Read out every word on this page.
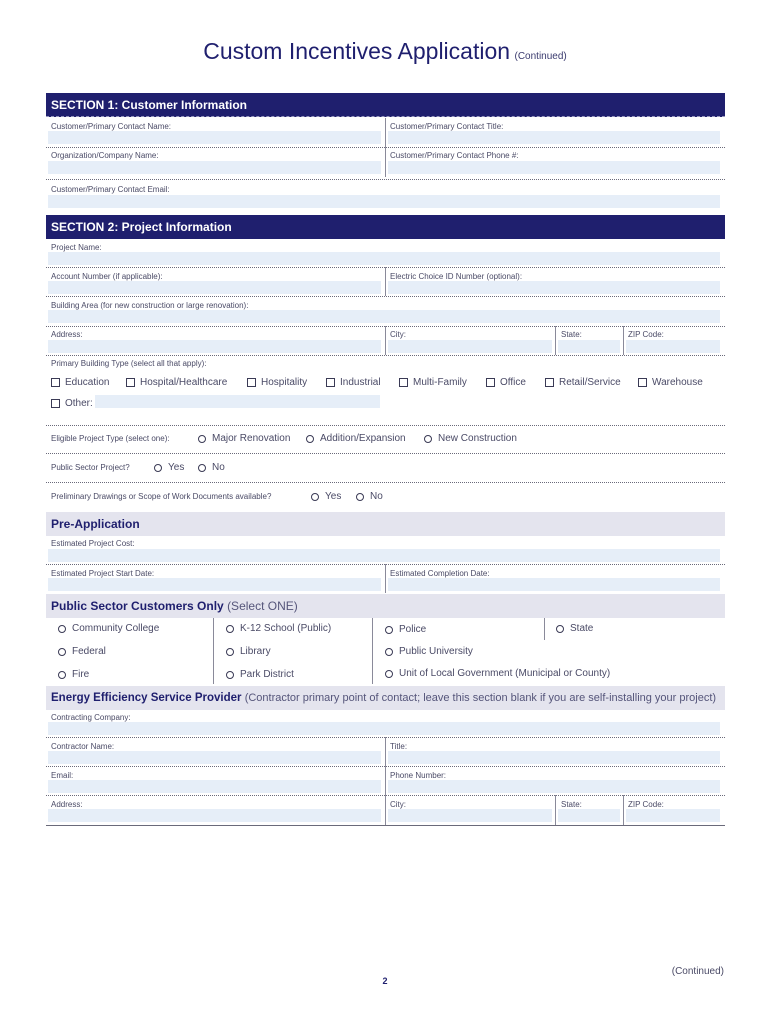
Custom Incentives Application (Continued)
SECTION 1: Customer Information
Customer/Primary Contact Name:	Customer/Primary Contact Title:
Organization/Company Name:	Customer/Primary Contact Phone #:
Customer/Primary Contact Email:
SECTION 2: Project Information
Project Name:
Account Number (if applicable):	Electric Choice ID Number (optional):
Building Area (for new construction or large renovation):
Address:	City:	State:	ZIP Code:
Primary Building Type (select all that apply):
Education	Hospital/Healthcare	Hospitality	Industrial	Multi-Family	Office	Retail/Service	Warehouse
Other:
Eligible Project Type (select one):	Major Renovation	Addition/Expansion	New Construction
Public Sector Project?	Yes	No
Preliminary Drawings or Scope of Work Documents available?	Yes	No
Pre-Application
Estimated Project Cost:
Estimated Project Start Date:	Estimated Completion Date:
Public Sector Customers Only (Select ONE)
Community College	K-12 School (Public)	Police	State
Federal	Library	Public University
Fire	Park District	Unit of Local Government (Municipal or County)
Energy Efficiency Service Provider (Contractor primary point of contact; leave this section blank if you are self-installing your project)
Contracting Company:
Contractor Name:	Title:
Email:	Phone Number:
Address:	City:	State:	ZIP Code:
(Continued)
2
